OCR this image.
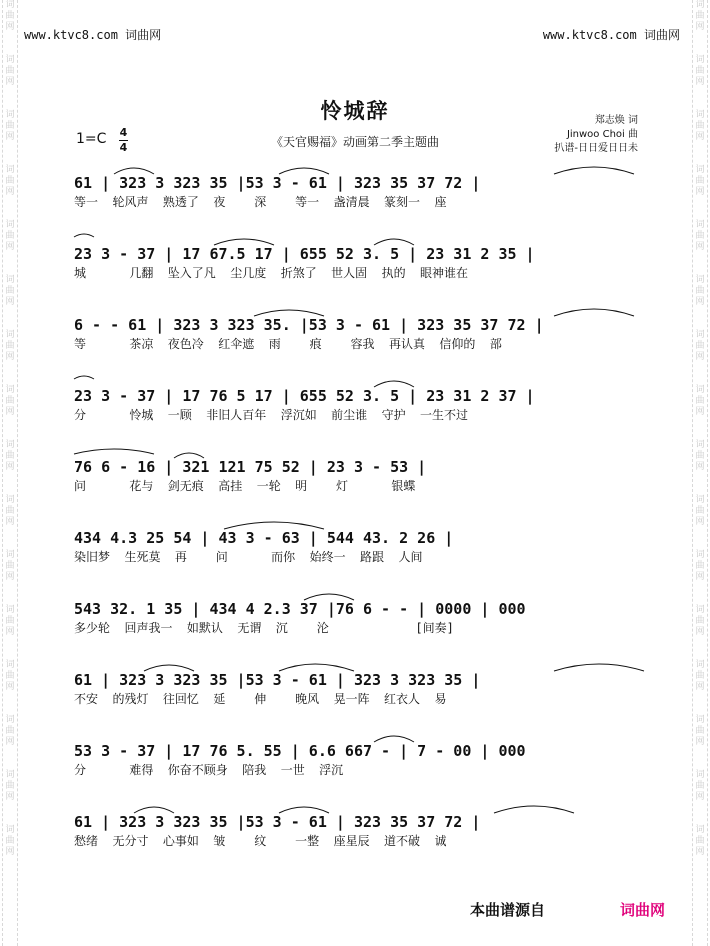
词
曲
网

词
曲
网

词
曲
网

词
曲
网

词
曲
网

词
曲
网

词
曲
网

词
曲
网

词
曲
网

词
曲
网

词
曲
网

词
曲
网

词
曲
网

词
曲
网

词
曲
网

词
曲
网

词
曲
网

词
曲
网

词
曲
网

词
曲
网

词
曲
网

词
曲
网

词
曲
网

词
曲
网

词
曲
网

词
曲
网

词
曲
网

词
曲
网

词
曲
网

词
曲
网

词
曲
网

词
曲
网

www.ktvc8.com 词曲网	www.ktvc8.com 词曲网
怜城辞
《天官赐福》动画第二季主题曲
1=C 4
4
郑志焕 词
Jinwoo Choi 曲
扒谱-日日爱日日未
61 | 323 3 323 35 |53 3 - 61 | 323 35 37 72 |
等一  轮风声  熟透了  夜    深    等一  盏清晨  篆刻一  座
23 3 - 37 | 17 67.5 17 | 655 52 3. 5 | 23 31 2 35 |
城      几翻  坠入了凡  尘几度  折煞了  世人固  执的  眼神谁在
6 - - 61 | 323 3 323 35. |53 3 - 61 | 323 35 37 72 |
等      茶凉  夜色冷  红伞遮  雨    痕    容我  再认真  信仰的  部
23 3 - 37 | 17 76 5 17 | 655 52 3. 5 | 23 31 2 37 |
分      怜城  一顾  非旧人百年  浮沉如  前尘谁  守护  一生不过
76 6 - 16 | 321 121 75 52 | 23 3 - 53 |
问      花与  剑无痕  高挂  一轮  明    灯      银蝶
434 4.3 25 54 | 43 3 - 63 | 544 43. 2 26 |
染旧梦  生死莫  再    问      而你  始终一  路跟  人间
543 32. 1 35 | 434 4 2.3 37 |76 6 - - | 0000 | 000
多少轮  回声我一  如默认  无谓  沉    沦            [间奏]
61 | 323 3 323 35 |53 3 - 61 | 323 3 323 35 |
不安  的残灯  往回忆  延    伸    晚风  晃一阵  红衣人  易
53 3 - 37 | 17 76 5. 55 | 6.6 667 - | 7 - 00 | 000
分      难得  你奋不顾身  陪我  一世  浮沉
61 | 323 3 323 35 |53 3 - 61 | 323 35 37 72 |
愁绪  无分寸  心事如  皱    纹    一整  座星辰  道不破  诚
本曲谱源自	词曲网
